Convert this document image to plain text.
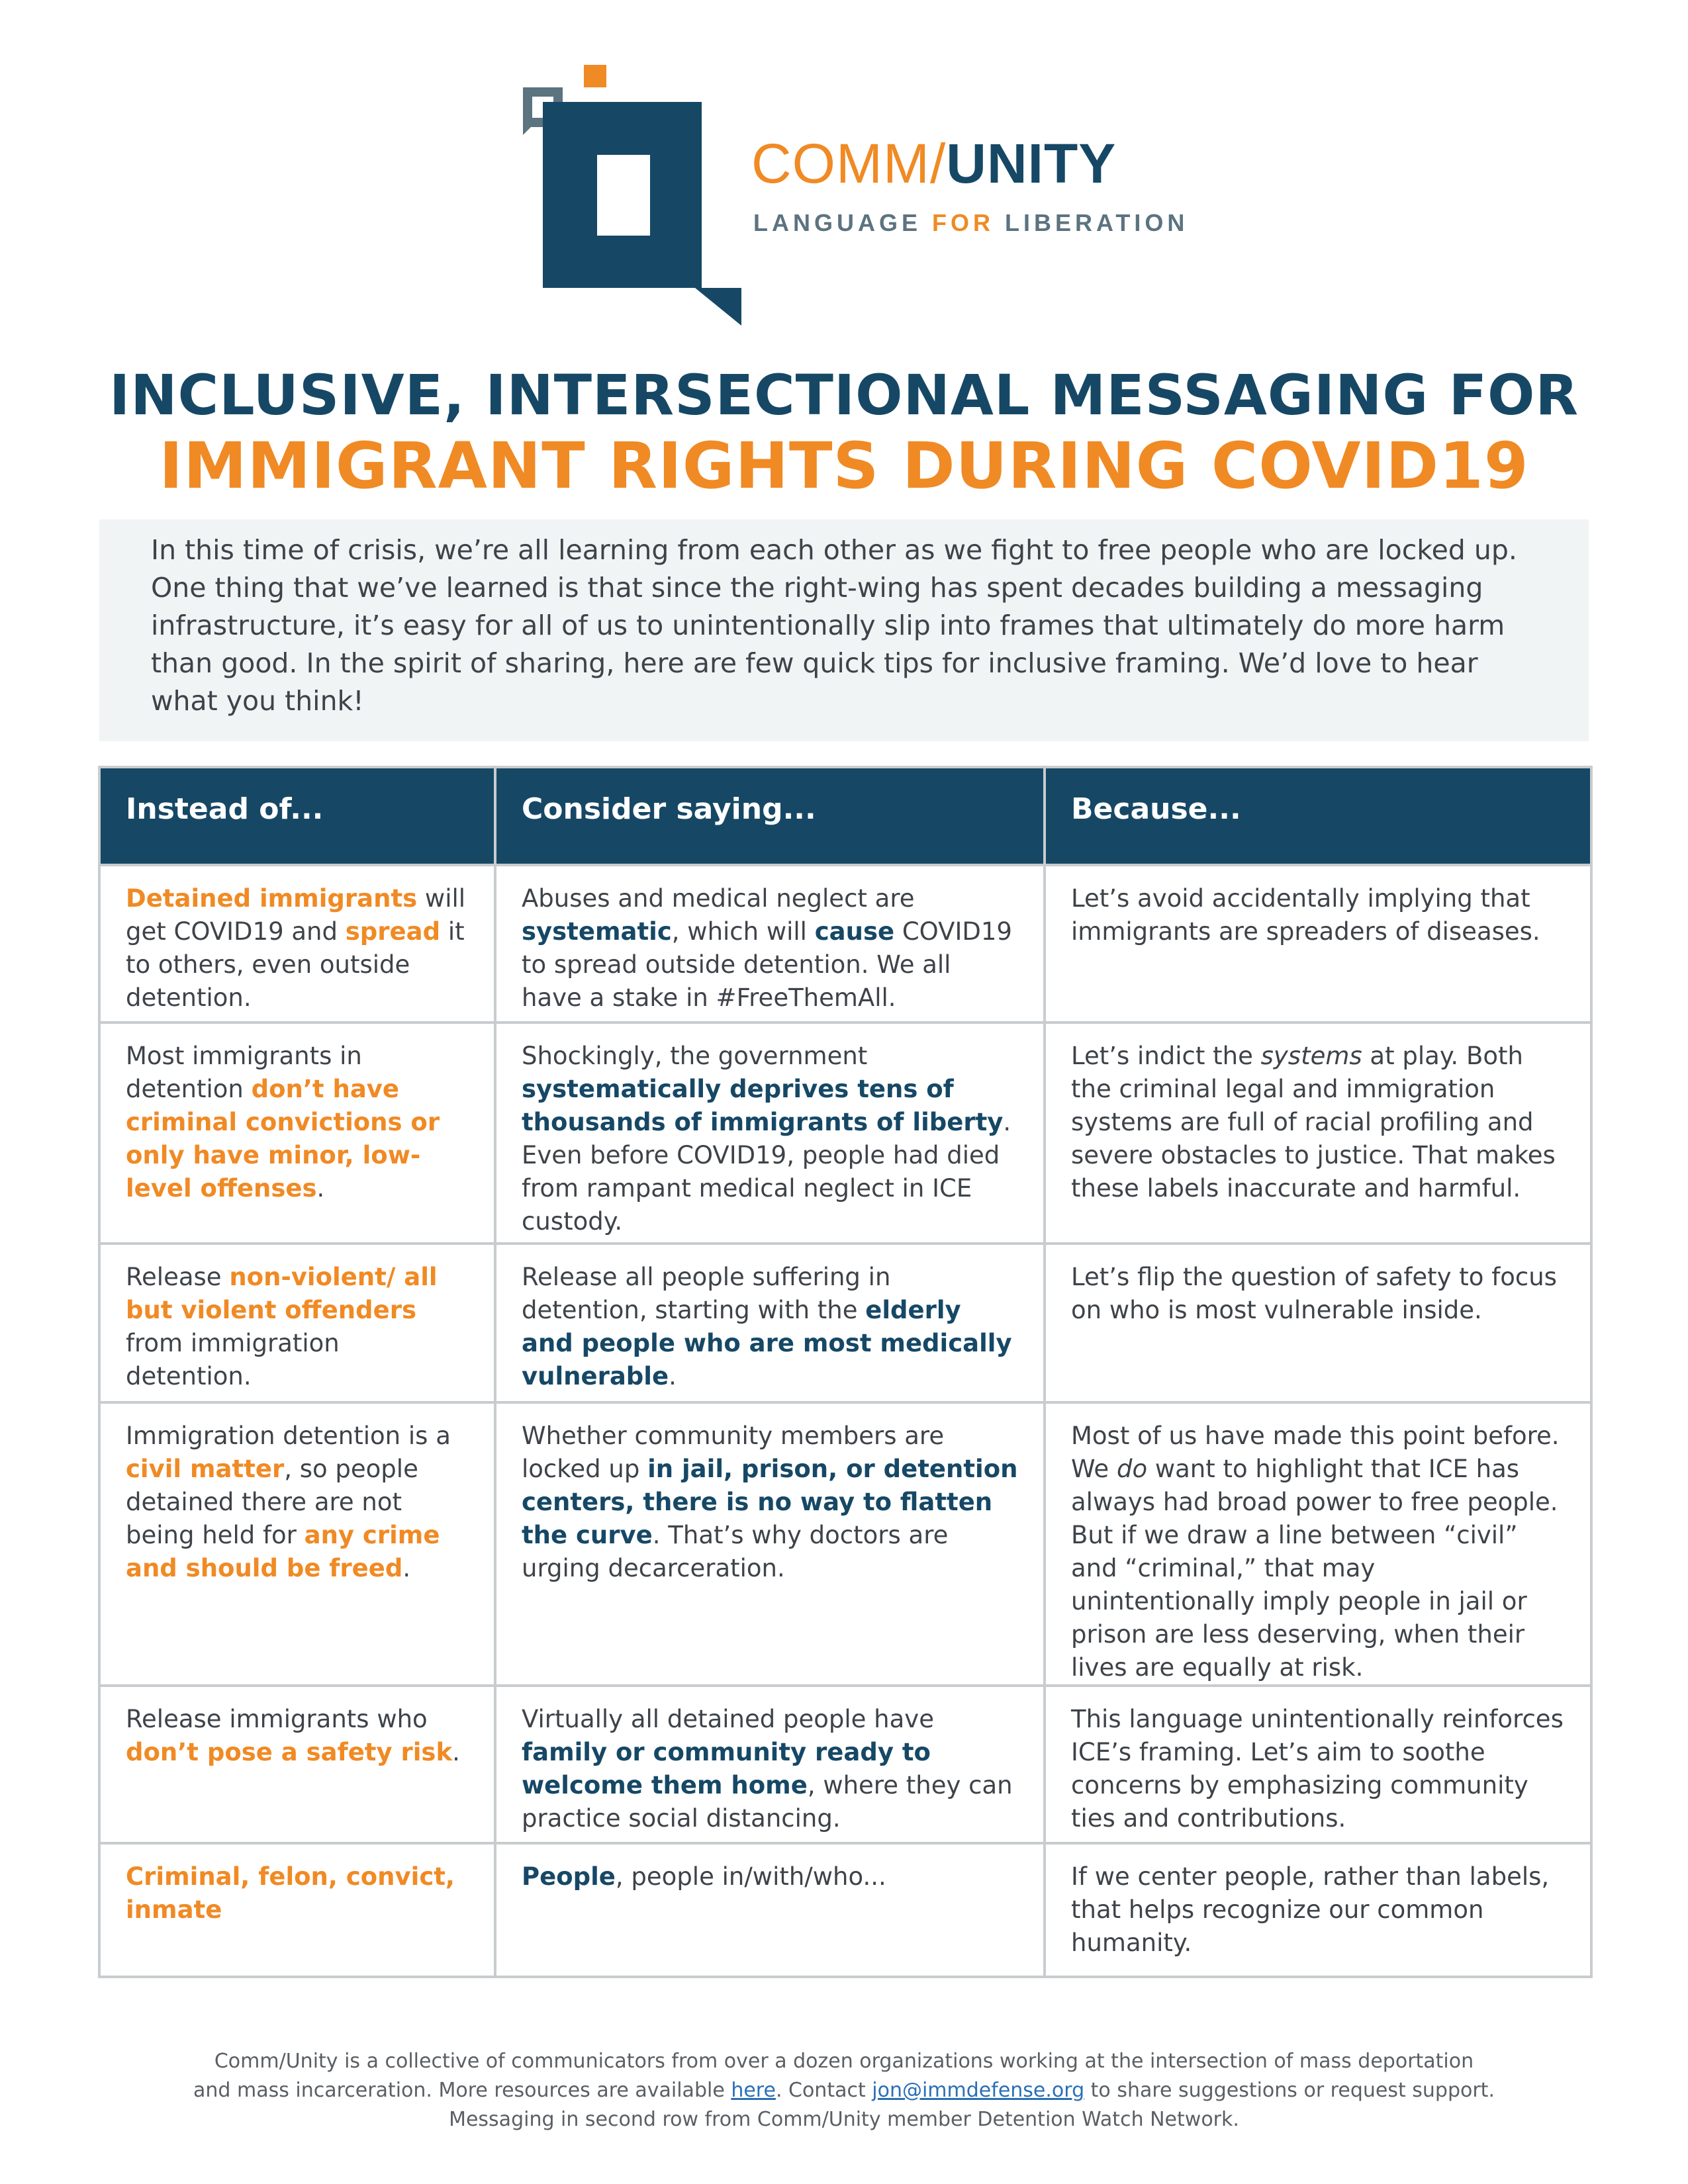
COMM/UNITY
LANGUAGE FOR LIBERATION
INCLUSIVE, INTERSECTIONAL MESSAGING FOR
IMMIGRANT RIGHTS DURING COVID19
In this time of crisis, we’re all learning from each other as we fight to free people who are locked up. One thing that we’ve learned is that since the right-wing has spent decades building a messaging infrastructure, it’s easy for all of us to unintentionally slip into frames that ultimately do more harm than good. In the spirit of sharing, here are few quick tips for inclusive framing. We’d love to hear what you think!
Instead of...	Consider saying...	Because...
Detained immigrants will get COVID19 and spread it to others, even outside detention.	Abuses and medical neglect are systematic, which will cause COVID19 to spread outside detention. We all have a stake in #FreeThemAll.	Let’s avoid accidentally implying that immigrants are spreaders of diseases.
Most immigrants in detention don’t have criminal convictions or only have minor, low-level offenses.	Shockingly, the government systematically deprives tens of thousands of immigrants of liberty. Even before COVID19, people had died from rampant medical neglect in ICE custody.	Let’s indict the systems at play. Both the criminal legal and immigration systems are full of racial profiling and severe obstacles to justice. That makes these labels inaccurate and harmful.
Release non-violent/ all but violent offenders from immigration detention.	Release all people suffering in detention, starting with the elderly and people who are most medically vulnerable.	Let’s flip the question of safety to focus on who is most vulnerable inside.
Immigration detention is a civil matter, so people detained there are not being held for any crime and should be freed.	Whether community members are locked up in jail, prison, or detention centers, there is no way to flatten the curve. That’s why doctors are urging decarceration.	Most of us have made this point before. We do want to highlight that ICE has always had broad power to free people. But if we draw a line between “civil” and “criminal,” that may unintentionally imply people in jail or prison are less deserving, when their lives are equally at risk.
Release immigrants who don’t pose a safety risk.	Virtually all detained people have family or community ready to welcome them home, where they can practice social distancing.	This language unintentionally reinforces ICE’s framing. Let’s aim to soothe concerns by emphasizing community ties and contributions.
Criminal, felon, convict, inmate	People, people in/with/who...	If we center people, rather than labels, that helps recognize our common humanity.
Comm/Unity is a collective of communicators from over a dozen organizations working at the intersection of mass deportation
and mass incarceration. More resources are available here. Contact jon@immdefense.org to share suggestions or request support.
Messaging in second row from Comm/Unity member Detention Watch Network.
